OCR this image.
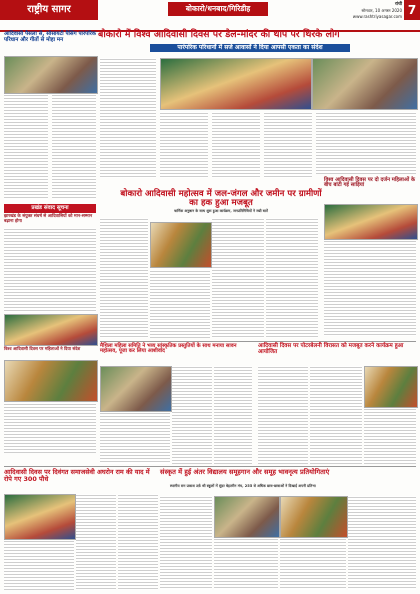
राष्ट्रीय सागर	बोकारो/धनबाद/गिरिडीह	रांची
सोमवार, 10 अगस्त 2020
www.rashtriyasagar.com 7
बोकारो में विश्व आदिवासी दिवस पर डेल-मांदर की थाप पर थिरके लोग
पारंपरिक परिधानों में सजे आवासों ने दिया आपसी एकता का संदेश
आदिवासी पैसला से, सोसायटी पैसिंग पारंपरिक परिधान और गीतों से मोहा मन
प्रखंड संवाद सूचना
झारखंड के संयुक्त संघर्ष से आदिवासियों को मान-सम्मान बढ़ाना होगा
विश्व आदिवासी दिवस पर महिलाओं ने दिया संदेश
बोकारो आदिवासी महोत्सव में जल-जंगल और जमीन पर ग्रामीणों का हक हुआ मजबूत
धार्मिक अनुष्ठान के साथ शुरू हुआ कार्यक्रम, जनप्रतिनिधियों ने रखी बातें
विश्व आदिवासी दिवस पर दो दर्जन महिलाओं के बीच बांटी गई साड़ियां
मैथिला महिला समिति ने भव्य सांस्कृतिक प्रस्तुतियों के साथ मनाया सावन महोत्सव, पूजा कर लिया आशीर्वाद
आदिवासी दिवस पर पोटरबेलनी विरासत को मजबूत करने कार्यक्रम हुआ आयोजित
आदिवासी दिवस पर दिवंगत समाजसेवी अघरोन राम की याद में रोपे गए 300 पौधे
संस्कृत में हुई अंतर विद्यालय समूहगान और समूह भावनृत्य प्रतियोगिताएं
स्थानीय राम प्रकाश उर्फ़ श्री स्कूलों में सुंदर बेहतरीन मंच, 255 से अधिक छात्र-छात्राओं ने दिखाई अपनी प्रतिभा
